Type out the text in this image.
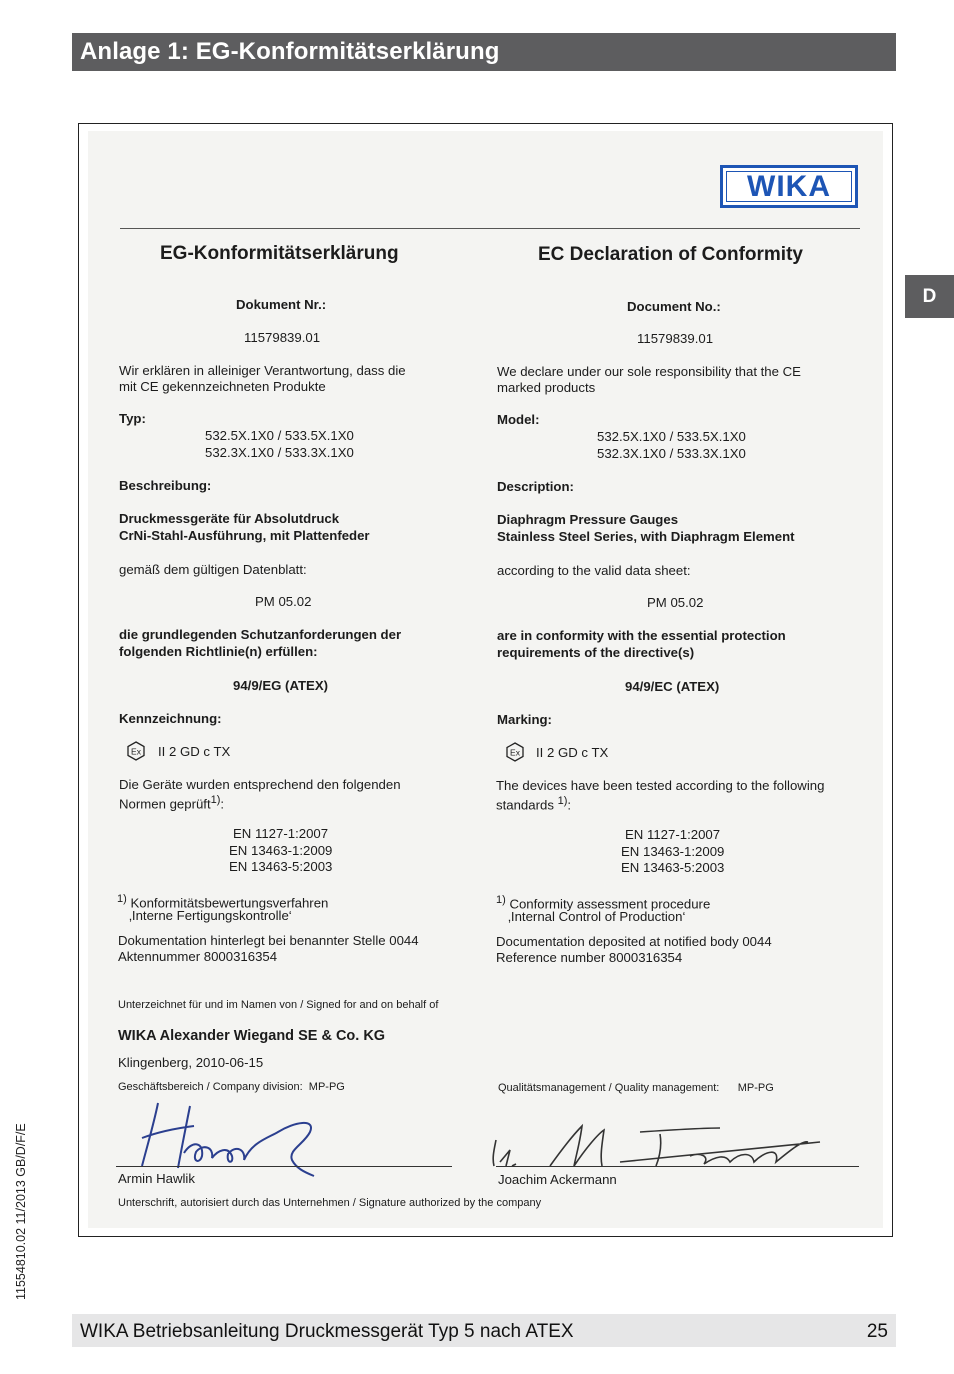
Anlage 1: EG-Konformitätserklärung
D
11554810.02 11/2013 GB/D/F/E
WIKA
EG-Konformitätserklärung
Dokument Nr.:
11579839.01
Wir erklären in alleiniger Verantwortung, dass die
mit CE gekennzeichneten Produkte
Typ:
532.5X.1X0 / 533.5X.1X0
532.3X.1X0 / 533.3X.1X0
Beschreibung:
Druckmessgeräte für Absolutdruck
CrNi-Stahl-Ausführung, mit Plattenfeder
gemäß dem gültigen Datenblatt:
PM 05.02
die grundlegenden Schutzanforderungen der
folgenden Richtlinie(n) erfüllen:
94/9/EG (ATEX)
Kennzeichnung:
Ex II 2 GD c TX
Die Geräte wurden entsprechend den folgenden
Normen geprüft$^{1)}$:
EN 1127-1:2007
EN 13463-1:2009
EN 13463-5:2003
$^{1)}$ Konformitätsbewertungsverfahren
‚Interne Fertigungskontrolle‘
Dokumentation hinterlegt bei benannter Stelle 0044
Aktennummer 8000316354
EC Declaration of Conformity
Document No.:
11579839.01
We declare under our sole responsibility that the CE
marked products
Model:
532.5X.1X0 / 533.5X.1X0
532.3X.1X0 / 533.3X.1X0
Description:
Diaphragm Pressure Gauges
Stainless Steel Series, with Diaphragm Element
according to the valid data sheet:
PM 05.02
are in conformity with the essential protection
requirements of the directive(s)
94/9/EC (ATEX)
Marking:
Ex II 2 GD c TX
The devices have been tested according to the following
standards $^{1)}$:
EN 1127-1:2007
EN 13463-1:2009
EN 13463-5:2003
$^{1)}$ Conformity assessment procedure
‚Internal Control of Production‘
Documentation deposited at notified body 0044
Reference number 8000316354
Unterzeichnet für und im Namen von / Signed for and on behalf of
WIKA Alexander Wiegand SE & Co. KG
Klingenberg, 2010-06-15
Geschäftsbereich / Company division: MP-PG	Qualitätsmanagement / Quality management: MP-PG
Armin Hawlik	Joachim Ackermann
Unterschrift, autorisiert durch das Unternehmen / Signature authorized by the company
WIKA Betriebsanleitung Druckmessgerät Typ 5 nach ATEX	25
